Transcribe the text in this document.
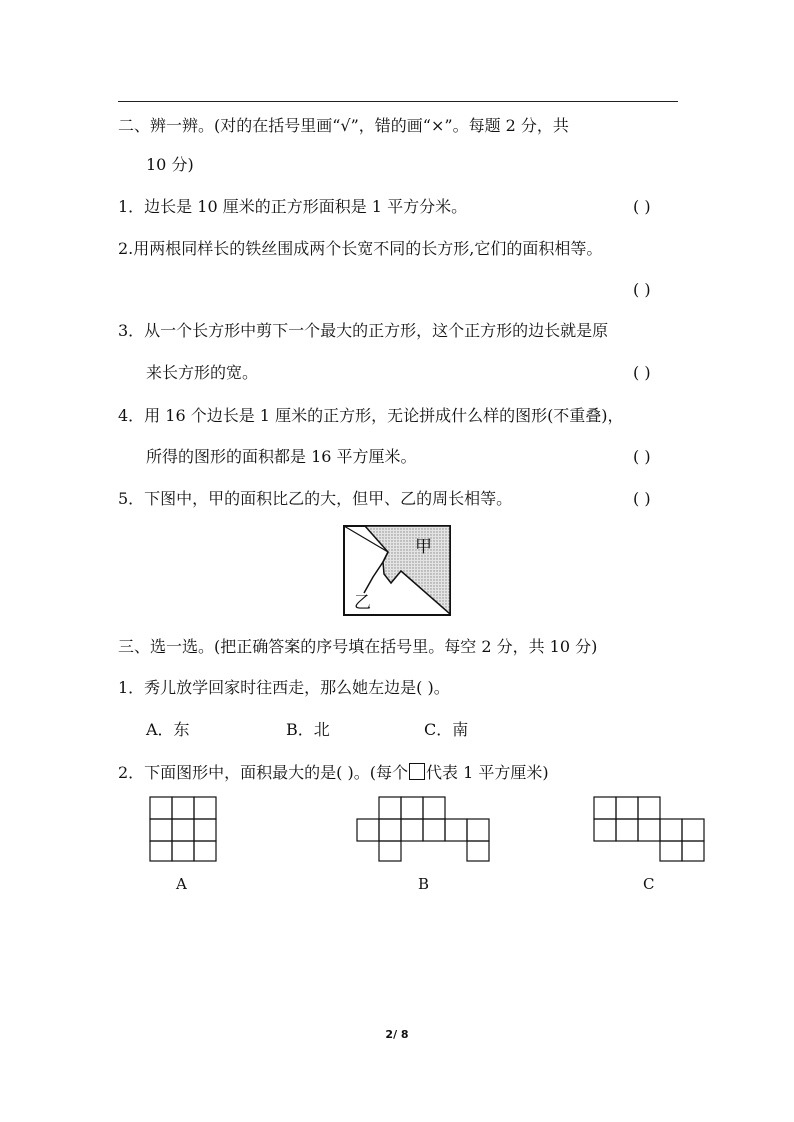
二、辨一辨。(对的在括号里画“√”，错的画“×”。每题 2 分，共
10 分)
1．边长是 10 厘米的正方形面积是 1 平方分米。	( )
2.用两根同样长的铁丝围成两个长宽不同的长方形,它们的面积相等。
( )
3．从一个长方形中剪下一个最大的正方形，这个正方形的边长就是原
来长方形的宽。	( )
4．用 16 个边长是 1 厘米的正方形，无论拼成什么样的图形(不重叠)，
所得的图形的面积都是 16 平方厘米。	( )
5．下图中，甲的面积比乙的大，但甲、乙的周长相等。	( )
甲
乙
三、选一选。(把正确答案的序号填在括号里。每空 2 分，共 10 分)
1．秀儿放学回家时往西走，那么她左边是( )。
A．东	B．北	C．南
2．下面图形中，面积最大的是( )。(每个 代表 1 平方厘米)
A	B	C
2/ 8
